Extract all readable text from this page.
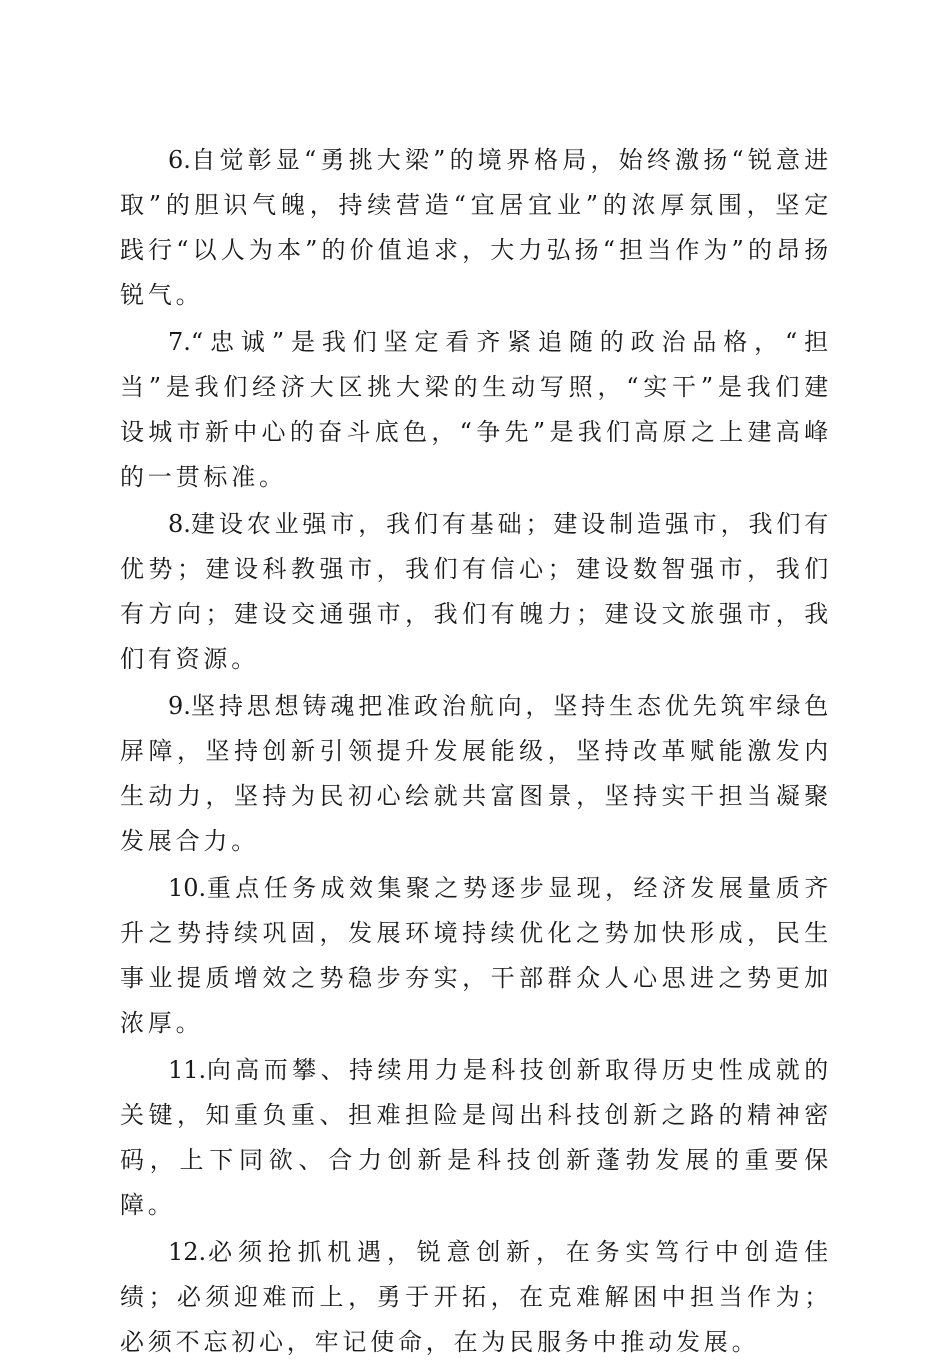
6.自觉彰显“勇挑大梁”的境界格局，始终激扬“锐意进取”的胆识气魄，持续营造“宜居宜业”的浓厚氛围，坚定践行“以人为本”的价值追求，大力弘扬“担当作为”的昂扬锐气。

7.“忠诚”是我们坚定看齐紧追随的政治品格，“担当”是我们经济大区挑大梁的生动写照，“实干”是我们建设城市新中心的奋斗底色，“争先”是我们高原之上建高峰的一贯标准。

8.建设农业强市，我们有基础；建设制造强市，我们有优势；建设科教强市，我们有信心；建设数智强市，我们有方向；建设交通强市，我们有魄力；建设文旅强市，我们有资源。

9.坚持思想铸魂把准政治航向，坚持生态优先筑牢绿色屏障，坚持创新引领提升发展能级，坚持改革赋能激发内生动力，坚持为民初心绘就共富图景，坚持实干担当凝聚发展合力。

10.重点任务成效集聚之势逐步显现，经济发展量质齐升之势持续巩固，发展环境持续优化之势加快形成，民生事业提质增效之势稳步夯实，干部群众人心思进之势更加浓厚。

11.向高而攀、持续用力是科技创新取得历史性成就的关键，知重负重、担难担险是闯出科技创新之路的精神密码，上下同欲、合力创新是科技创新蓬勃发展的重要保障。

12.必须抢抓机遇，锐意创新，在务实笃行中创造佳绩；必须迎难而上，勇于开拓，在克难解困中担当作为；必须不忘初心，牢记使命，在为民服务中推动发展。
